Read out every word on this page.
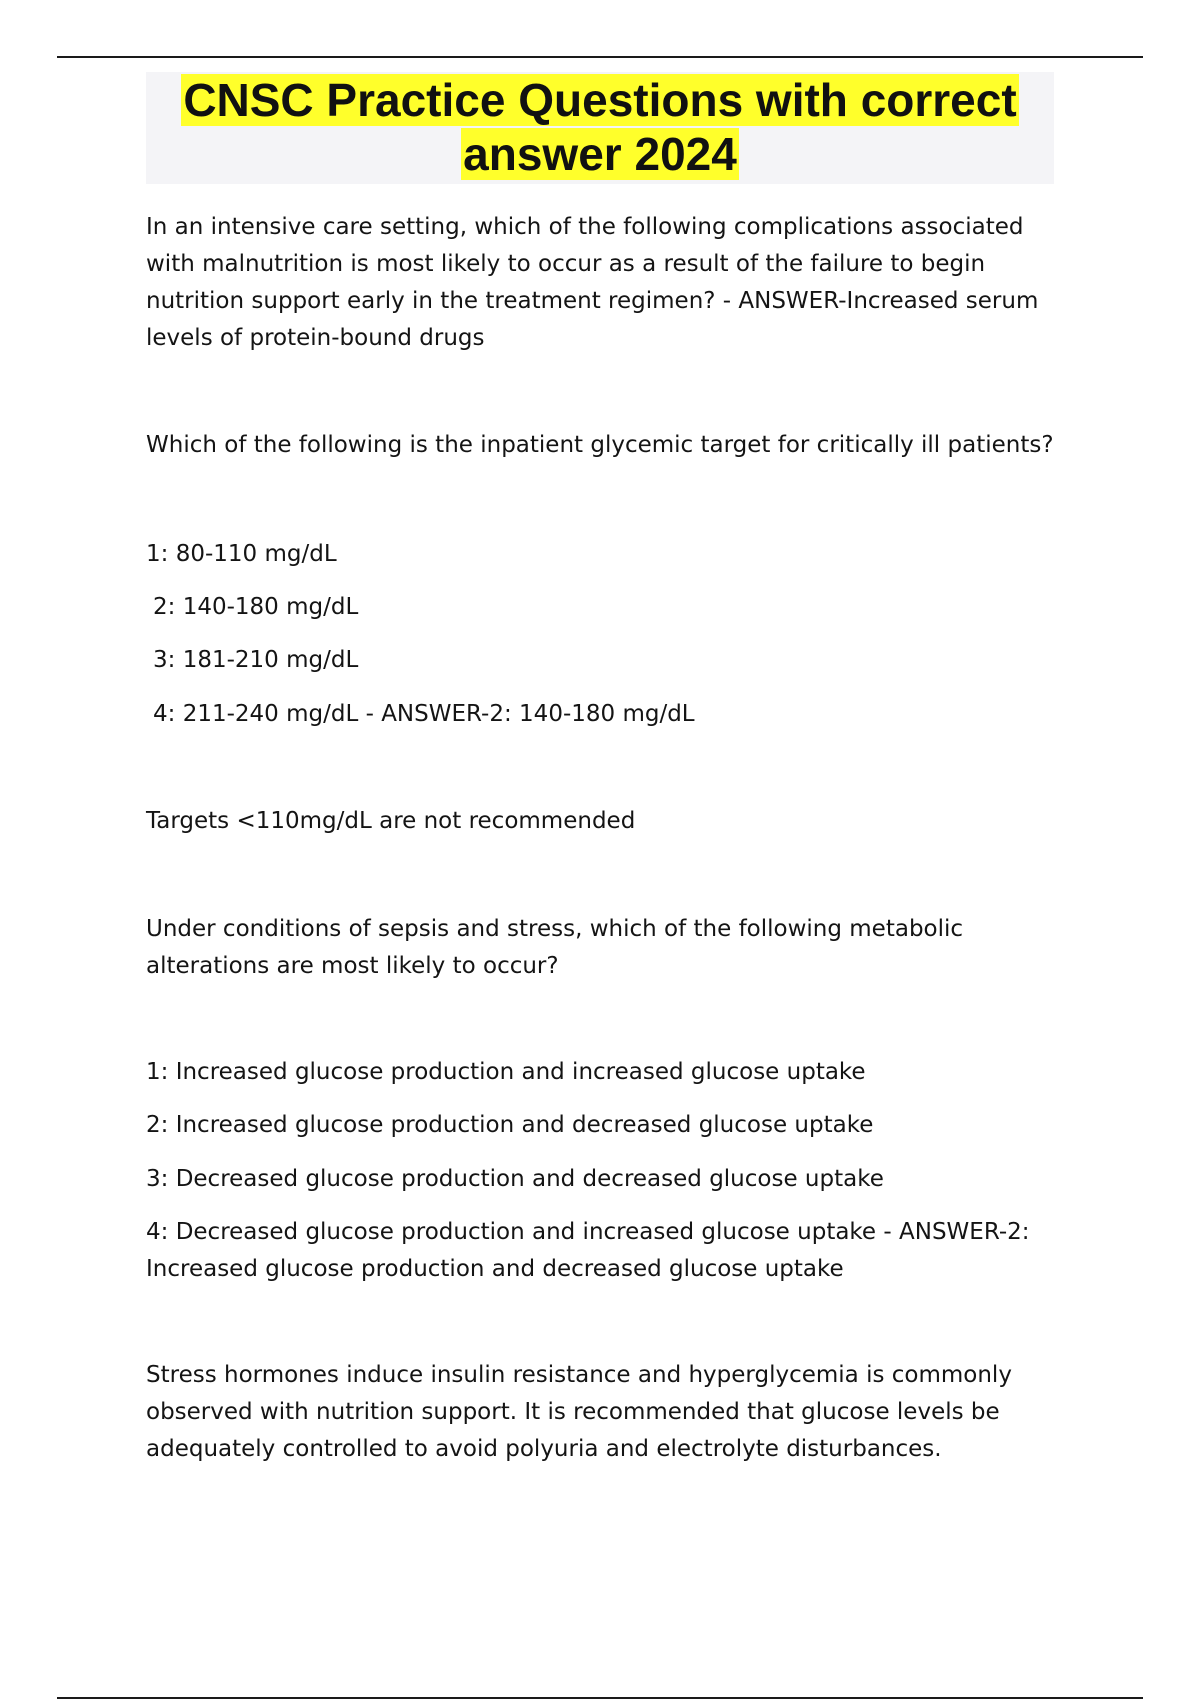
CNSC Practice Questions with correct
answer 2024

In an intensive care setting, which of the following complications associated with malnutrition is most likely to occur as a result of the failure to begin nutrition support early in the treatment regimen? - ANSWER-Increased serum levels of protein-bound drugs

Which of the following is the inpatient glycemic target for critically ill patients?

1: 80-110 mg/dL

2: 140-180 mg/dL

3: 181-210 mg/dL

4: 211-240 mg/dL - ANSWER-2: 140-180 mg/dL

Targets <110mg/dL are not recommended

Under conditions of sepsis and stress, which of the following metabolic alterations are most likely to occur?

1: Increased glucose production and increased glucose uptake

2: Increased glucose production and decreased glucose uptake

3: Decreased glucose production and decreased glucose uptake

4: Decreased glucose production and increased glucose uptake - ANSWER-2: Increased glucose production and decreased glucose uptake

Stress hormones induce insulin resistance and hyperglycemia is commonly observed with nutrition support. It is recommended that glucose levels be adequately controlled to avoid polyuria and electrolyte disturbances.
